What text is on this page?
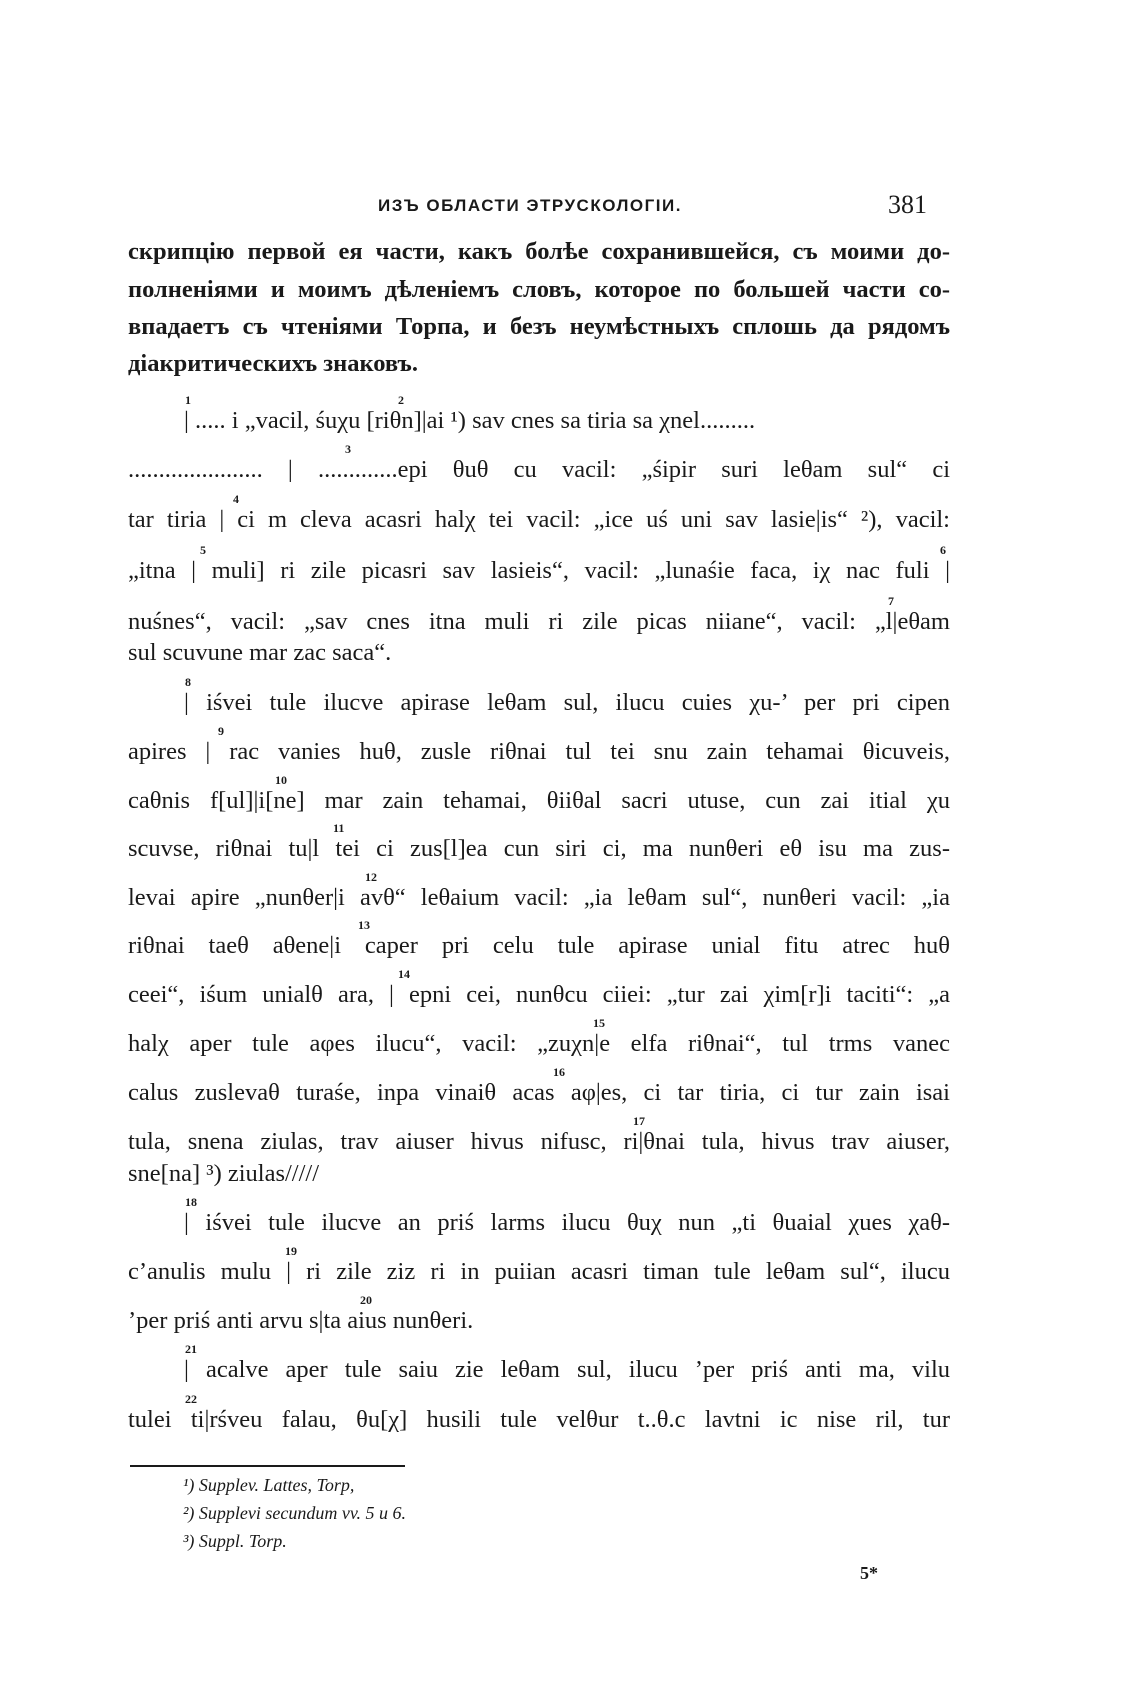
ИЗЪ ОБЛАСТИ ЭТРУСКОЛОГІИ.	381
скрипцію первой ея части, какъ болѣе сохранившейся, съ моими до-
полненіями и моимъ дѣленіемъ словъ, которое по большей части со-
впадаетъ съ чтеніями Торпа, и безъ неумѣстныхъ сплошь да рядомъ
діакритическихъ знаковъ.
| ..... i „vacil, śuχu [riθn]|ai ¹) sav cnes sa tiria sa χnel.........
...................... | .............epi θuθ cu vacil: „śipir suri leθam sul“ ci
tar tiria | ci m cleva acasri halχ tei vacil: „ice uś uni sav lasie|is“ ²), vacil:
„itna | muli] ri zile picasri sav lasieis“, vacil: „lunaśie faca, iχ nac fuli |
nuśnes“, vacil: „sav cnes itna muli ri zile picas niiane“, vacil: „l|eθam
sul scuvune mar zac saca“.
| iśvei tule ilucve apirase leθam sul, ilucu cuies χu-’ per pri cipen
apires | rac vanies huθ, zusle riθnai tul tei snu zain tehamai θicuveis,
caθnis f[ul]|i[ne] mar zain tehamai, θiiθal sacri utuse, cun zai itial χu
scuvse, riθnai tu|l tei ci zus[l]ea cun siri ci, ma nunθeri eθ isu ma zus-
levai apire „nunθer|i avθ“ leθaium vacil: „ia leθam sul“, nunθeri vacil: „ia
riθnai taeθ aθene|i caper pri celu tule apirase unial fitu atrec huθ
ceei“, iśum unialθ ara, | epni cei, nunθcu ciiei: „tur zai χim[r]i taciti“: „a
halχ aper tule aφes ilucu“, vacil: „zuχn|e elfa riθnai“, tul trms vanec
calus zuslevaθ turaśe, inpa vinaiθ acas aφ|es, ci tar tiria, ci tur zain isai
tula, snena ziulas, trav aiuser hivus nifusc, ri|θnai tula, hivus trav aiuser,
sne[na] ³) ziulas/////
| iśvei tule ilucve an priś larms ilucu θuχ nun „ti θuaial χues χaθ-
c’anulis mulu | ri zile ziz ri in puiian acasri timan tule leθam sul“, ilucu
’per priś anti arvu s|ta aius nunθeri.
| acalve aper tule saiu zie leθam sul, ilucu ’per priś anti ma, vilu
tulei ti|rśveu falau, θu[χ] husili tule velθur t..θ.c lavtni ic nise ril, tur
1	2
3
4
5	6
7
8
9
10
11
12
13
14
15
16
17
18
19
20
21
22
¹) Supplev. Lattes, Torp,
²) Supplevi secundum vv. 5 и 6.
³) Suppl. Torp.
5*
